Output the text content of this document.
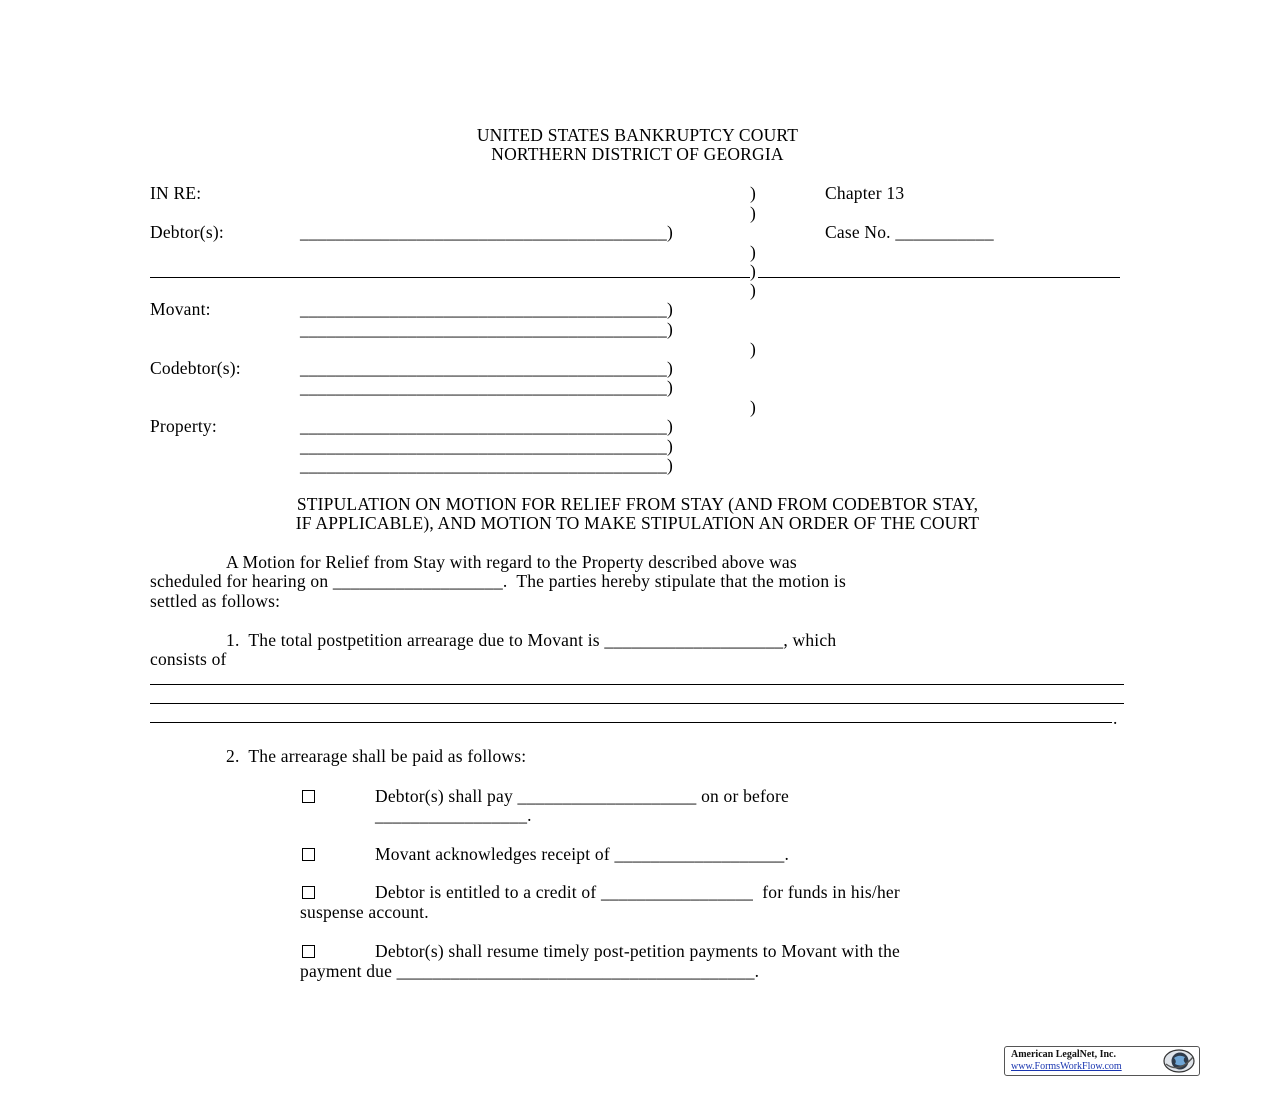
UNITED STATES BANKRUPTCY COURT
NORTHERN DISTRICT OF GEORGIA
IN RE:
Debtor(s):
Movant:
Codebtor(s):
Property:
Chapter 13
Case No. ___________
)
)
)
)
)
)
)
_________________________________________)
_________________________________________)
_________________________________________)
_________________________________________)
_________________________________________)
_________________________________________)
_________________________________________)
_________________________________________)
STIPULATION ON MOTION FOR RELIEF FROM STAY (AND FROM CODEBTOR STAY,
IF APPLICABLE), AND MOTION TO MAKE STIPULATION AN ORDER OF THE COURT
A Motion for Relief from Stay with regard to the Property described above was
scheduled for hearing on ___________________.  The parties hereby stipulate that the motion is
settled as follows:
1.  The total postpetition arrearage due to Movant is ____________________, which
consists of
.
2.  The arrearage shall be paid as follows:
Debtor(s) shall pay ____________________ on or before
_________________.
Movant acknowledges receipt of ___________________.
Debtor is entitled to a credit of _________________  for funds in his/her
suspense account.
Debtor(s) shall resume timely post-petition payments to Movant with the
payment due ________________________________________.
American LegalNet, Inc.
www.FormsWorkFlow.com
